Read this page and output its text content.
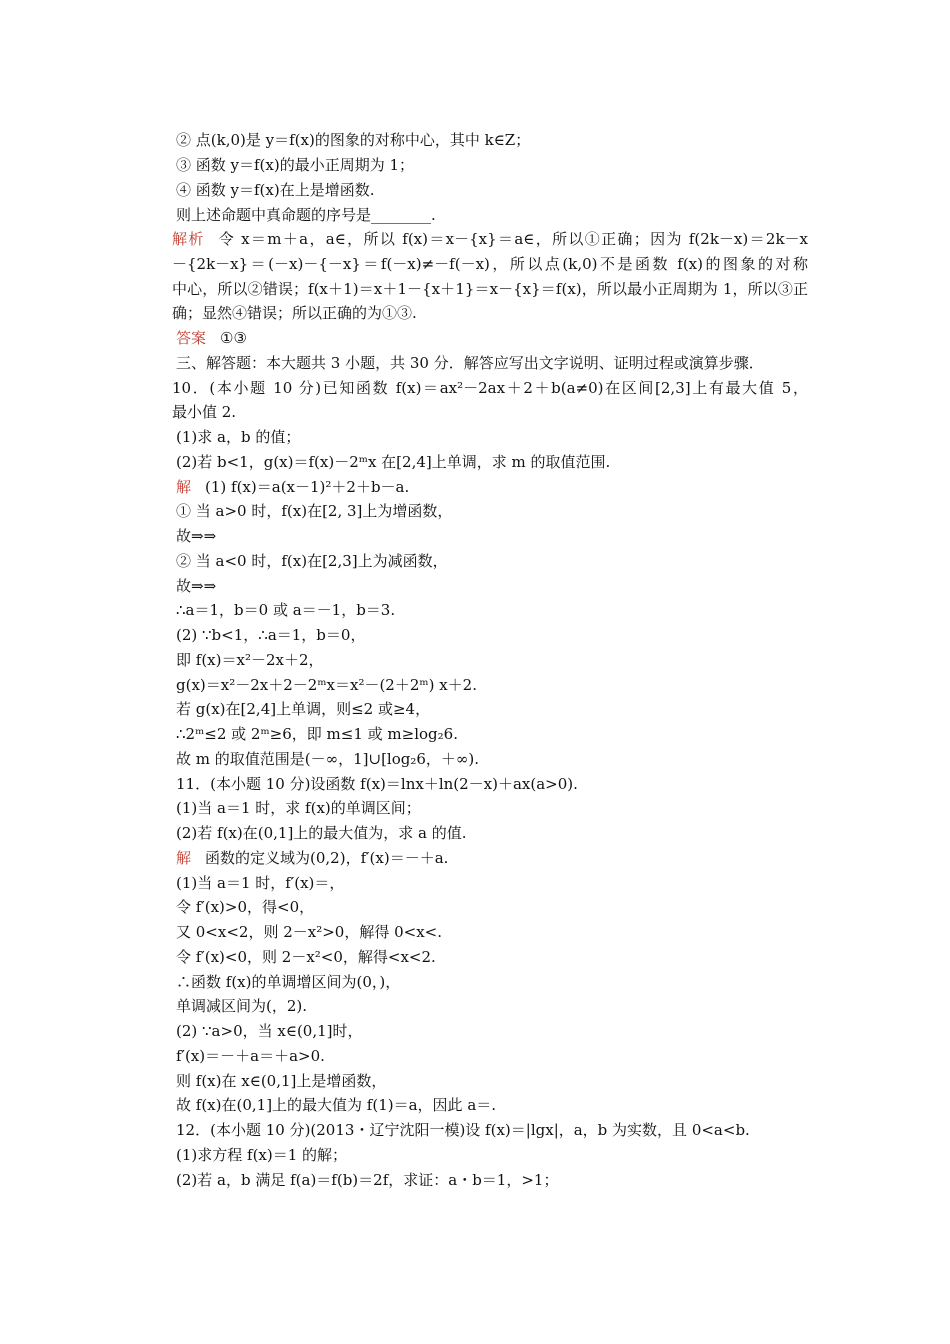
② 点(k,0)是 y＝f(x)的图象的对称中心，其中 k∈Z；
③ 函数 y＝f(x)的最小正周期为 1；
④ 函数 y＝f(x)在上是增函数.
则上述命题中真命题的序号是________.
解析 令 x＝m＋a，a∈，所以 f(x)＝x－{x}＝a∈，所以①正确；因为 f(2k－x)＝2k－x
－{2k－x}＝(－x)－{－x}＝f(－x)≠－f(－x)，所以点(k,0)不是函数 f(x)的图象的对称
中心，所以②错误；f(x＋1)＝x＋1－{x＋1}＝x－{x}＝f(x)，所以最小正周期为 1，所以③正
确；显然④错误；所以正确的为①③.
答案 ①③
三、解答题：本大题共 3 小题，共 30 分．解答应写出文字说明、证明过程或演算步骤．
10．(本小题 10 分)已知函数 f(x)＝ax²－2ax＋2＋b(a≠0)在区间[2,3]上有最大值 5，
最小值 2.
(1)求 a，b 的值；
(2)若 b<1，g(x)＝f(x)－2ᵐx 在[2,4]上单调，求 m 的取值范围.
解 (1) f(x)＝a(x－1)²＋2＋b－a.
① 当 a>0 时，f(x)在[2, 3]上为增函数，
故⇒⇒
② 当 a<0 时，f(x)在[2,3]上为减函数，
故⇒⇒
∴a＝1，b＝0 或 a＝－1，b＝3.
(2) ∵b<1，∴a＝1，b＝0，
即 f(x)＝x²－2x＋2，
g(x)＝x²－2x＋2－2ᵐx＝x²－(2＋2ᵐ) x＋2.
若 g(x)在[2,4]上单调，则≤2 或≥4，
∴2ᵐ≤2 或 2ᵐ≥6，即 m≤1 或 m≥log₂6.
故 m 的取值范围是(－∞，1]∪[log₂6，＋∞).
11．(本小题 10 分)设函数 f(x)＝lnx＋ln(2－x)＋ax(a>0).
(1)当 a＝1 时，求 f(x)的单调区间；
(2)若 f(x)在(0,1]上的最大值为，求 a 的值.
解 函数的定义域为(0,2)，f′(x)＝－＋a.
(1)当 a＝1 时，f′(x)＝，
令 f′(x)>0，得<0，
又 0<x<2，则 2－x²>0，解得 0<x<.
令 f′(x)<0，则 2－x²<0，解得<x<2.
∴函数 f(x)的单调增区间为(0，)，
单调减区间为(，2).
(2) ∵a>0，当 x∈(0,1]时，
f′(x)＝－＋a＝＋a>0.
则 f(x)在 x∈(0,1]上是增函数，
故 f(x)在(0,1]上的最大值为 f(1)＝a，因此 a＝.
12．(本小题 10 分)(2013・辽宁沈阳一模)设 f(x)＝|lgx|，a，b 为实数，且 0<a<b.
(1)求方程 f(x)＝1 的解；
(2)若 a，b 满足 f(a)＝f(b)＝2f，求证：a・b＝1，>1；
